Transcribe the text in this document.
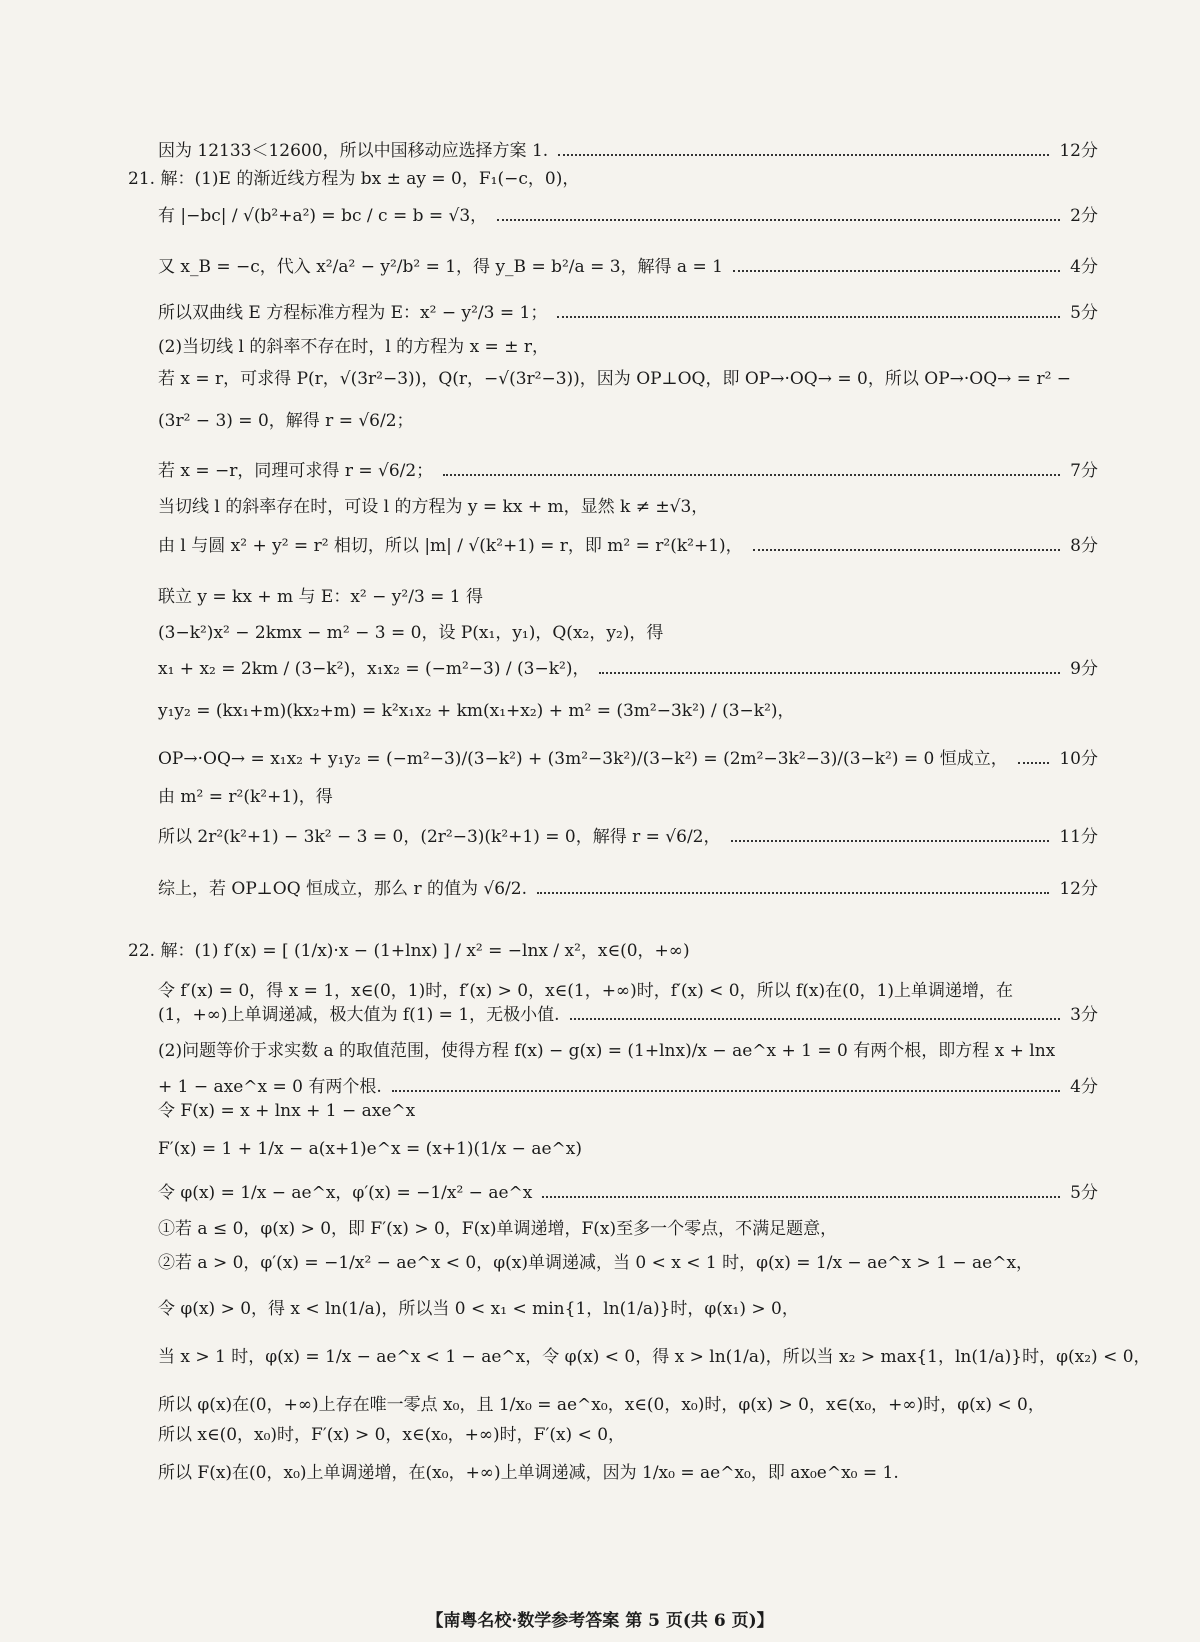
因为 12133＜12600，所以中国移动应选择方案 1.	12分
21. 解：(1)E 的渐近线方程为 bx ± ay = 0，F₁(−c，0)，
有 |−bc| / √(b²+a²) = bc / c = b = √3，	2分
又 x_B = −c，代入 x²/a² − y²/b² = 1，得 y_B = b²/a = 3，解得 a = 1	4分
所以双曲线 E 方程标准方程为 E：x² − y²/3 = 1；	5分
(2)当切线 l 的斜率不存在时，l 的方程为 x = ± r，
若 x = r，可求得 P(r，√(3r²−3))，Q(r，−√(3r²−3))，因为 OP⊥OQ，即 OP→·OQ→ = 0，所以 OP→·OQ→ = r² −
(3r² − 3) = 0，解得 r = √6/2；
若 x = −r，同理可求得 r = √6/2；	7分
当切线 l 的斜率存在时，可设 l 的方程为 y = kx + m，显然 k ≠ ±√3，
由 l 与圆 x² + y² = r² 相切，所以 |m| / √(k²+1) = r，即 m² = r²(k²+1)，	8分
联立 y = kx + m 与 E：x² − y²/3 = 1 得
(3−k²)x² − 2kmx − m² − 3 = 0，设 P(x₁，y₁)，Q(x₂，y₂)，得
x₁ + x₂ = 2km / (3−k²)，x₁x₂ = (−m²−3) / (3−k²)，	9分
y₁y₂ = (kx₁+m)(kx₂+m) = k²x₁x₂ + km(x₁+x₂) + m² = (3m²−3k²) / (3−k²)，
OP→·OQ→ = x₁x₂ + y₁y₂ = (−m²−3)/(3−k²) + (3m²−3k²)/(3−k²) = (2m²−3k²−3)/(3−k²) = 0 恒成立，	10分
由 m² = r²(k²+1)，得
所以 2r²(k²+1) − 3k² − 3 = 0，(2r²−3)(k²+1) = 0，解得 r = √6/2，	11分
综上，若 OP⊥OQ 恒成立，那么 r 的值为 √6/2.	12分
22. 解：(1) f′(x) = [ (1/x)·x − (1+lnx) ] / x² = −lnx / x²，x∈(0，+∞)
令 f′(x) = 0，得 x = 1，x∈(0，1)时，f′(x) > 0，x∈(1，+∞)时，f′(x) < 0，所以 f(x)在(0，1)上单调递增，在
(1，+∞)上单调递减，极大值为 f(1) = 1，无极小值.	3分
(2)问题等价于求实数 a 的取值范围，使得方程 f(x) − g(x) = (1+lnx)/x − ae^x + 1 = 0 有两个根，即方程 x + lnx
+ 1 − axe^x = 0 有两个根.	4分
令 F(x) = x + lnx + 1 − axe^x
F′(x) = 1 + 1/x − a(x+1)e^x = (x+1)(1/x − ae^x)
令 φ(x) = 1/x − ae^x，φ′(x) = −1/x² − ae^x	5分
①若 a ≤ 0，φ(x) > 0，即 F′(x) > 0，F(x)单调递增，F(x)至多一个零点，不满足题意，
②若 a > 0，φ′(x) = −1/x² − ae^x < 0，φ(x)单调递减，当 0 < x < 1 时，φ(x) = 1/x − ae^x > 1 − ae^x，
令 φ(x) > 0，得 x < ln(1/a)，所以当 0 < x₁ < min{1，ln(1/a)}时，φ(x₁) > 0，
当 x > 1 时，φ(x) = 1/x − ae^x < 1 − ae^x，令 φ(x) < 0，得 x > ln(1/a)，所以当 x₂ > max{1，ln(1/a)}时，φ(x₂) < 0，
所以 φ(x)在(0，+∞)上存在唯一零点 x₀，且 1/x₀ = ae^x₀，x∈(0，x₀)时，φ(x) > 0，x∈(x₀，+∞)时，φ(x) < 0，
所以 x∈(0，x₀)时，F′(x) > 0，x∈(x₀，+∞)时，F′(x) < 0，
所以 F(x)在(0，x₀)上单调递增，在(x₀，+∞)上单调递减，因为 1/x₀ = ae^x₀，即 ax₀e^x₀ = 1.
【南粤名校·数学参考答案 第 5 页(共 6 页)】
